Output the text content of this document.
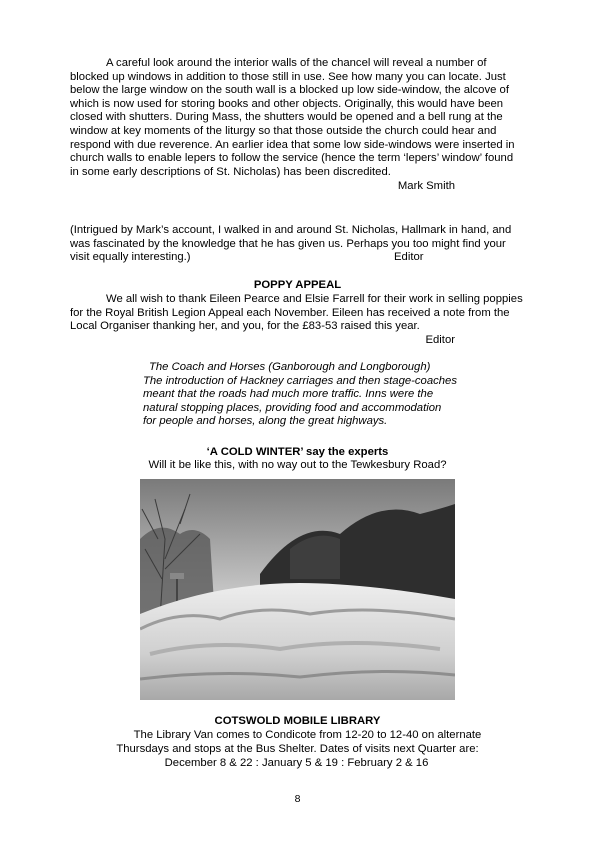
A careful look around the interior walls of the chancel will reveal a number of blocked up windows in addition to those still in use. See how many you can locate. Just below the large window on the south wall is a blocked up low side-window, the alcove of which is now used for storing books and other objects. Originally, this would have been closed with shutters. During Mass, the shutters would be opened and a bell rung at the window at key moments of the liturgy so that those outside the church could hear and respond with due reverence. An earlier idea that some low side-windows were inserted in church walls to enable lepers to follow the service (hence the term ‘lepers’ window’ found in some early descriptions of St. Nicholas) has been discredited.

Mark Smith

(Intrigued by Mark’s account, I walked in and around St. Nicholas, Hallmark in hand, and was fascinated by the knowledge that he has given us. Perhaps you too might find your visit equally interesting.)	Editor
POPPY APPEAL

We all wish to thank Eileen Pearce and Elsie Farrell for their work in selling poppies for the Royal British Legion Appeal each November. Eileen has received a note from the Local Organiser thanking her, and you, for the £83-53 raised this year.

Editor
The Coach and Horses (Ganborough and Longborough)
The introduction of Hackney carriages and then stage-coaches
meant that the roads had much more traffic. Inns were the
natural stopping places, providing food and accommodation
for people and horses, along the great highways.
‘A COLD WINTER’ say the experts
Will it be like this, with no way out to the Tewkesbury Road?
COTSWOLD MOBILE LIBRARY
The Library Van comes to Condicote from 12-20 to 12-40 on alternate
Thursdays and stops at the Bus Shelter. Dates of visits next Quarter are:
December 8 & 22 : January 5 & 19 : February 2 & 16
8
